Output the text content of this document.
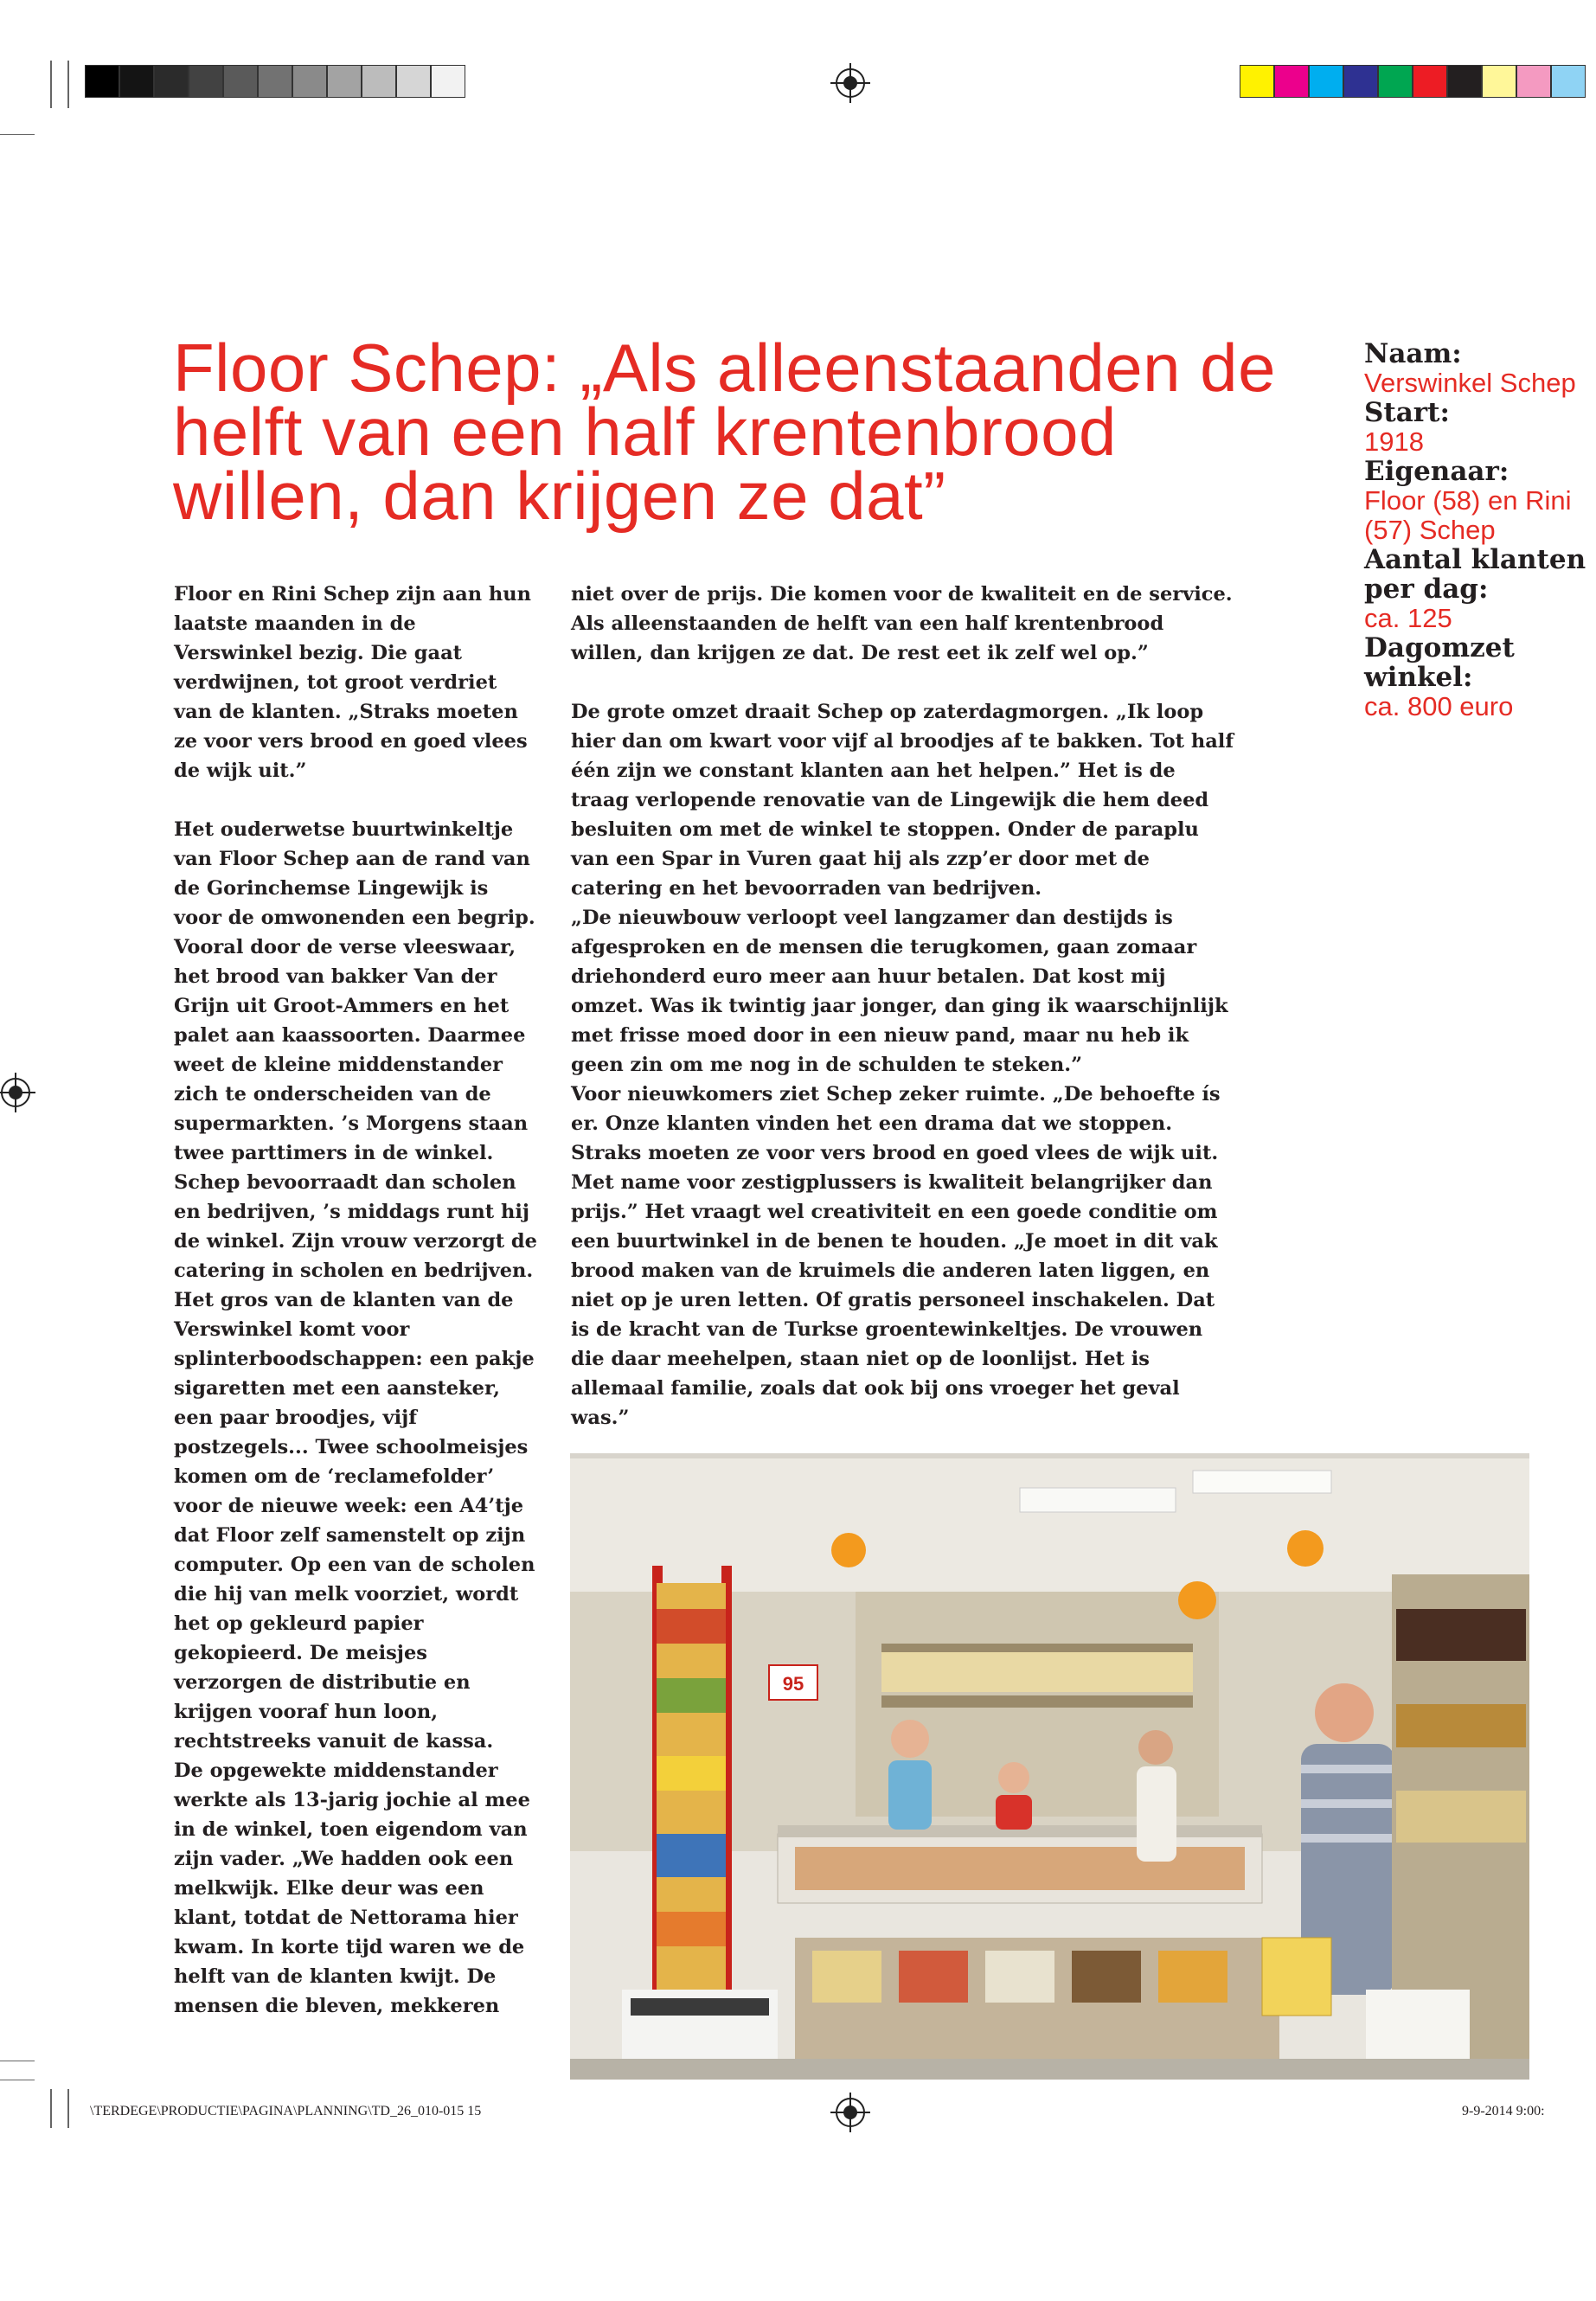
Floor Schep: „Als alleenstaanden de helft van een half krentenbrood willen, dan krijgen ze dat”

Floor en Rini Schep zijn aan hun laatste maanden in de Verswinkel bezig. Die gaat verdwijnen, tot groot verdriet van de klanten. „Straks moeten ze voor vers brood en goed vlees de wijk uit.”

Het ouderwetse buurtwinkeltje van Floor Schep aan de rand van de Gorinchemse Lingewijk is voor de omwonenden een begrip. Vooral door de verse vleeswaar, het brood van bakker Van der Grijn uit Groot-Ammers en het palet aan kaassoorten. Daarmee weet de kleine middenstander zich te onderscheiden van de supermarkten. ’s Morgens staan twee parttimers in de winkel. Schep bevoorraadt dan scholen en bedrijven, ’s middags runt hij de winkel. Zijn vrouw verzorgt de catering in scholen en bedrijven. Het gros van de klanten van de Verswinkel komt voor splinterboodschappen: een pakje sigaretten met een aansteker, een paar broodjes, vijf postzegels... Twee schoolmeisjes komen om de ‘reclamefolder’ voor de nieuwe week: een A4’tje dat Floor zelf samenstelt op zijn computer. Op een van de scholen die hij van melk voorziet, wordt het op gekleurd papier gekopieerd. De meisjes verzorgen de distributie en krijgen vooraf hun loon, rechtstreeks vanuit de kassa.

De opgewekte middenstander werkte als 13-jarig jochie al mee in de winkel, toen eigendom van zijn vader. „We hadden ook een melkwijk. Elke deur was een klant, totdat de Nettorama hier kwam. In korte tijd waren we de helft van de klanten kwijt. De mensen die bleven, mekkeren

niet over de prijs. Die komen voor de kwaliteit en de service. Als alleenstaanden de helft van een half krentenbrood willen, dan krijgen ze dat. De rest eet ik zelf wel op.”

De grote omzet draait Schep op zaterdagmorgen. „Ik loop hier dan om kwart voor vijf al broodjes af te bakken. Tot half één zijn we constant klanten aan het helpen.” Het is de traag verlopende renovatie van de Lingewijk die hem deed besluiten om met de winkel te stoppen. Onder de paraplu van een Spar in Vuren gaat hij als zzp’er door met de catering en het bevoorraden van bedrijven.

„De nieuwbouw verloopt veel langzamer dan destijds is afgesproken en de mensen die terugkomen, gaan zomaar driehonderd euro meer aan huur betalen. Dat kost mij omzet. Was ik twintig jaar jonger, dan ging ik waarschijnlijk met frisse moed door in een nieuw pand, maar nu heb ik geen zin om me nog in de schulden te steken.”

Voor nieuwkomers ziet Schep zeker ruimte. „De behoefte ís er. Onze klanten vinden het een drama dat we stoppen. Straks moeten ze voor vers brood en goed vlees de wijk uit. Met name voor zestigplussers is kwaliteit belangrijker dan prijs.” Het vraagt wel creativiteit en een goede conditie om een buurtwinkel in de benen te houden. „Je moet in dit vak brood maken van de kruimels die anderen laten liggen, en niet op je uren letten. Of gratis personeel inschakelen. Dat is de kracht van de Turkse groentewinkeltjes. De vrouwen die daar meehelpen, staan niet op de loonlijst. Het is allemaal familie, zoals dat ook bij ons vroeger het geval was.”

Naam:
Verswinkel Schep
Start:
1918
Eigenaar:
Floor (58) en Rini (57) Schep
Aantal klanten per dag:
ca. 125
Dagomzet winkel:
ca. 800 euro
95
\TERDEGE\PRODUCTIE\PAGINA\PLANNING\TD_26_010-015 15	9-9-2014 9:00:
